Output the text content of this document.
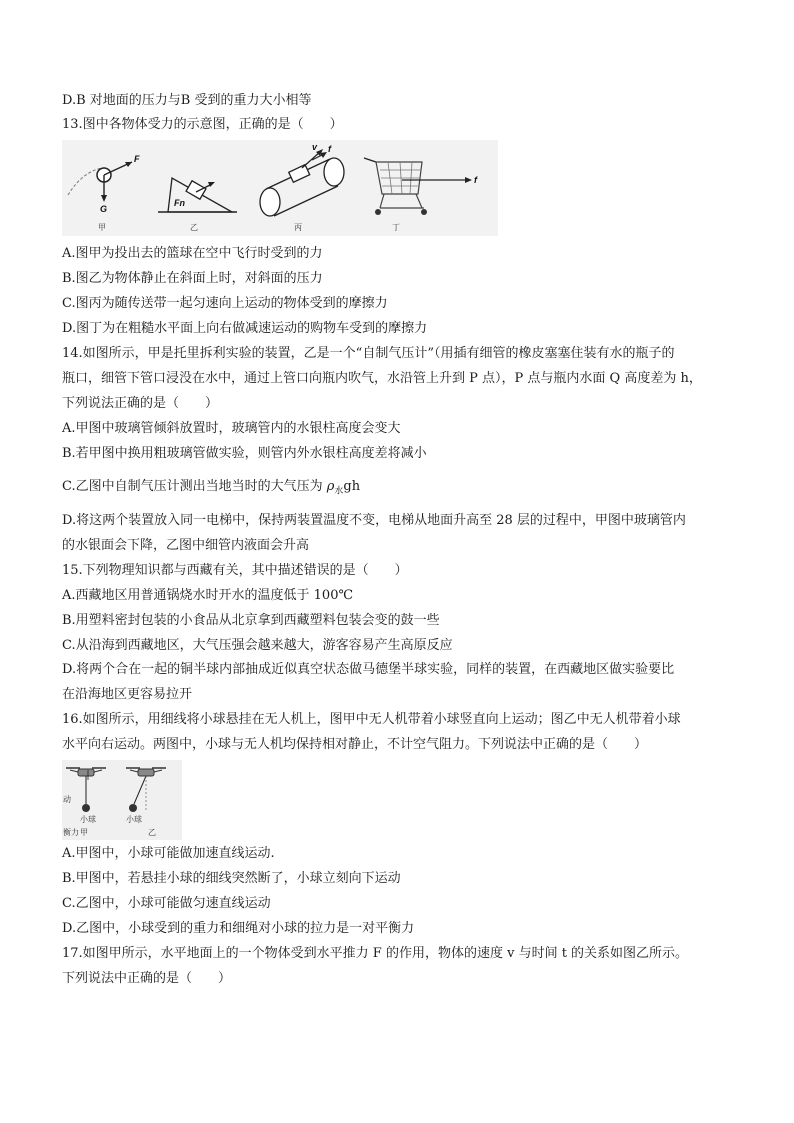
D.B 对地面的压力与B 受到的重力大小相等
13.图中各物体受力的示意图，正确的是（　　）
F
G
甲
Fn
乙
v f
丙
f
丁
A.图甲为投出去的篮球在空中飞行时受到的力
B.图乙为物体静止在斜面上时，对斜面的压力
C.图丙为随传送带一起匀速向上运动的物体受到的摩擦力
D.图丁为在粗糙水平面上向右做减速运动的购物车受到的摩擦力
14.如图所示，甲是托里拆利实验的装置，乙是一个“自制气压计”（用插有细管的橡皮塞塞住装有水的瓶子的
瓶口，细管下管口浸没在水中，通过上管口向瓶内吹气，水沿管上升到 P 点），P 点与瓶内水面 Q 高度差为 h，
下列说法正确的是（　　）
A.甲图中玻璃管倾斜放置时，玻璃管内的水银柱高度会变大
B.若甲图中换用粗玻璃管做实验，则管内外水银柱高度差将减小
C.乙图中自制气压计测出当地当时的大气压为 $\rho_水gh$
D.将这两个装置放入同一电梯中，保持两装置温度不变，电梯从地面升高至 28 层的过程中，甲图中玻璃管内
的水银面会下降，乙图中细管内液面会升高
15.下列物理知识都与西藏有关，其中描述错误的是（　　）
A.西藏地区用普通锅烧水时开水的温度低于 100℃
B.用塑料密封包装的小食品从北京拿到西藏塑料包装会变的鼓一些
C.从沿海到西藏地区，大气压强会越来越大，游客容易产生高原反应
D.将两个合在一起的铜半球内部抽成近似真空状态做马德堡半球实验，同样的装置，在西藏地区做实验要比
在沿海地区更容易拉开
16.如图所示，用细线将小球悬挂在无人机上，图甲中无人机带着小球竖直向上运动；图乙中无人机带着小球
水平向右运动。两图中，小球与无人机均保持相对静止，不计空气阻力。下列说法中正确的是（　　）
动
小球	小球
衡力 甲	乙
A.甲图中，小球可能做加速直线运动.
B.甲图中，若悬挂小球的细线突然断了，小球立刻向下运动
C.乙图中，小球可能做匀速直线运动
D.乙图中，小球受到的重力和细绳对小球的拉力是一对平衡力
17.如图甲所示，水平地面上的一个物体受到水平推力 F 的作用，物体的速度 v 与时间 t 的关系如图乙所示。
下列说法中正确的是（　　）
